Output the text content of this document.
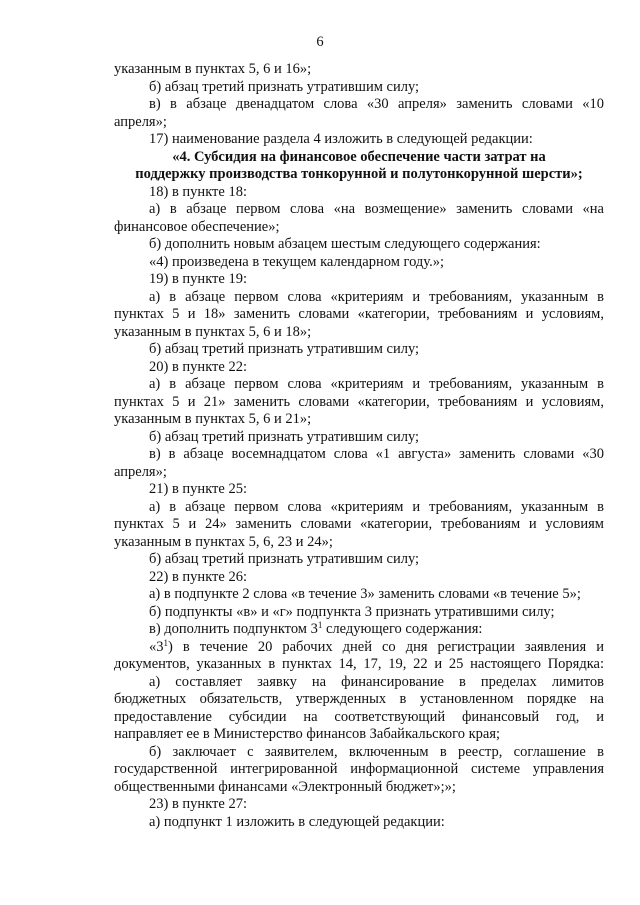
6
указанным в пунктах 5, 6 и 16»;
б) абзац третий признать утратившим силу;
в) в абзаце двенадцатом слова «30 апреля» заменить словами «10
апреля»;
17) наименование раздела 4 изложить в следующей редакции:
«4. Субсидия на финансовое обеспечение части затрат на
поддержку производства тонкорунной и полутонкорунной шерсти»;
18) в пункте 18:
а) в абзаце первом слова «на возмещение» заменить словами «на
финансовое обеспечение»;
б) дополнить новым абзацем шестым следующего содержания:
«4) произведена в текущем календарном году.»;
19) в пункте 19:
а) в абзаце первом слова «критериям и требованиям, указанным в
пунктах 5 и 18» заменить словами «категории, требованиям и условиям,
указанным в пунктах 5, 6 и 18»;
б) абзац третий признать утратившим силу;
20) в пункте 22:
а) в абзаце первом слова «критериям и требованиям, указанным в
пунктах 5 и 21» заменить словами «категории, требованиям и условиям,
указанным в пунктах 5, 6 и 21»;
б) абзац третий признать утратившим силу;
в) в абзаце восемнадцатом слова «1 августа» заменить словами «30
апреля»;
21) в пункте 25:
а) в абзаце первом слова «критериям и требованиям, указанным в
пунктах 5 и 24» заменить словами «категории, требованиям и условиям
указанным в пунктах 5, 6, 23 и 24»;
б) абзац третий признать утратившим силу;
22) в пункте 26:
а) в подпункте 2 слова «в течение 3» заменить словами «в течение 5»;
б) подпункты «в» и «г» подпункта 3 признать утратившими силу;
в) дополнить подпунктом $3^1$ следующего содержания:
«$3^1$) в течение 20 рабочих дней со дня регистрации заявления и
документов, указанных в пунктах 14, 17, 19, 22 и 25 настоящего Порядка:
а) составляет заявку на финансирование в пределах лимитов
бюджетных обязательств, утвержденных в установленном порядке на
предоставление субсидии на соответствующий финансовый год, и
направляет ее в Министерство финансов Забайкальского края;
б) заключает с заявителем, включенным в реестр, соглашение в
государственной интегрированной информационной системе управления
общественными финансами «Электронный бюджет»;»;
23) в пункте 27:
а) подпункт 1 изложить в следующей редакции:
